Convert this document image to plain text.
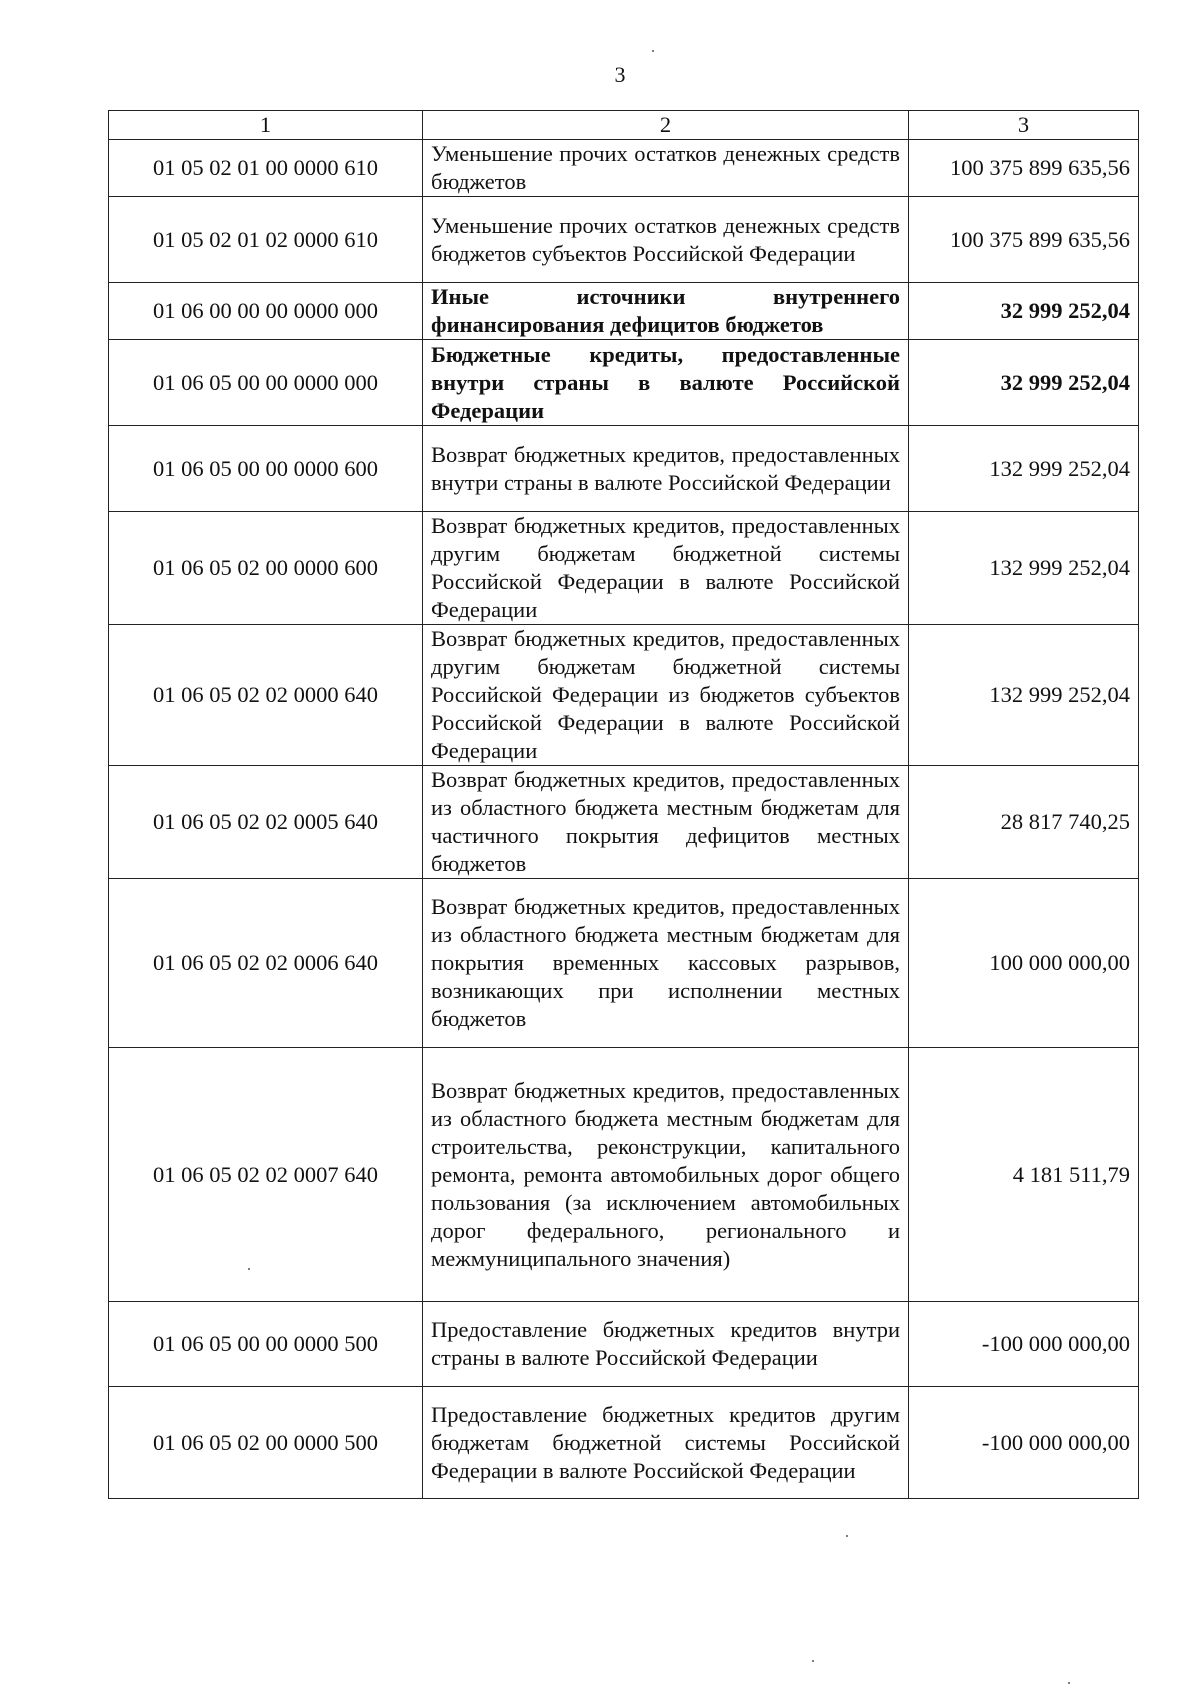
3
1	2	3
01 05 02 01 00 0000 610	Уменьшение прочих остатков денежных средств бюджетов	100 375 899 635,56
01 05 02 01 02 0000 610	Уменьшение прочих остатков денежных средств бюджетов субъектов Российской Федерации	100 375 899 635,56
01 06 00 00 00 0000 000	Иные источники внутреннего финансирования дефицитов бюджетов	32 999 252,04
01 06 05 00 00 0000 000	Бюджетные кредиты, предоставленные внутри страны в валюте Российской Федерации	32 999 252,04
01 06 05 00 00 0000 600	Возврат бюджетных кредитов, предоставленных внутри страны в валюте Российской Федерации	132 999 252,04
01 06 05 02 00 0000 600	Возврат бюджетных кредитов, предоставленных другим бюджетам бюджетной системы Российской Федерации в валюте Российской Федерации	132 999 252,04
01 06 05 02 02 0000 640	Возврат бюджетных кредитов, предоставленных другим бюджетам бюджетной системы Российской Федерации из бюджетов субъектов Российской Федерации в валюте Российской Федерации	132 999 252,04
01 06 05 02 02 0005 640	Возврат бюджетных кредитов, предоставленных из областного бюджета местным бюджетам для частичного покрытия дефицитов местных бюджетов	28 817 740,25
01 06 05 02 02 0006 640	Возврат бюджетных кредитов, предоставленных из областного бюджета местным бюджетам для покрытия временных кассовых разрывов, возникающих при исполнении местных бюджетов	100 000 000,00
01 06 05 02 02 0007 640	Возврат бюджетных кредитов, предоставленных из областного бюджета местным бюджетам для строительства, реконструкции, капитального ремонта, ремонта автомобильных дорог общего пользования (за исключением автомобильных дорог федерального, регионального и межмуниципального значения)	4 181 511,79
01 06 05 00 00 0000 500	Предоставление бюджетных кредитов внутри страны в валюте Российской Федерации	-100 000 000,00
01 06 05 02 00 0000 500	Предоставление бюджетных кредитов другим бюджетам бюджетной системы Российской Федерации в валюте Российской Федерации	-100 000 000,00
